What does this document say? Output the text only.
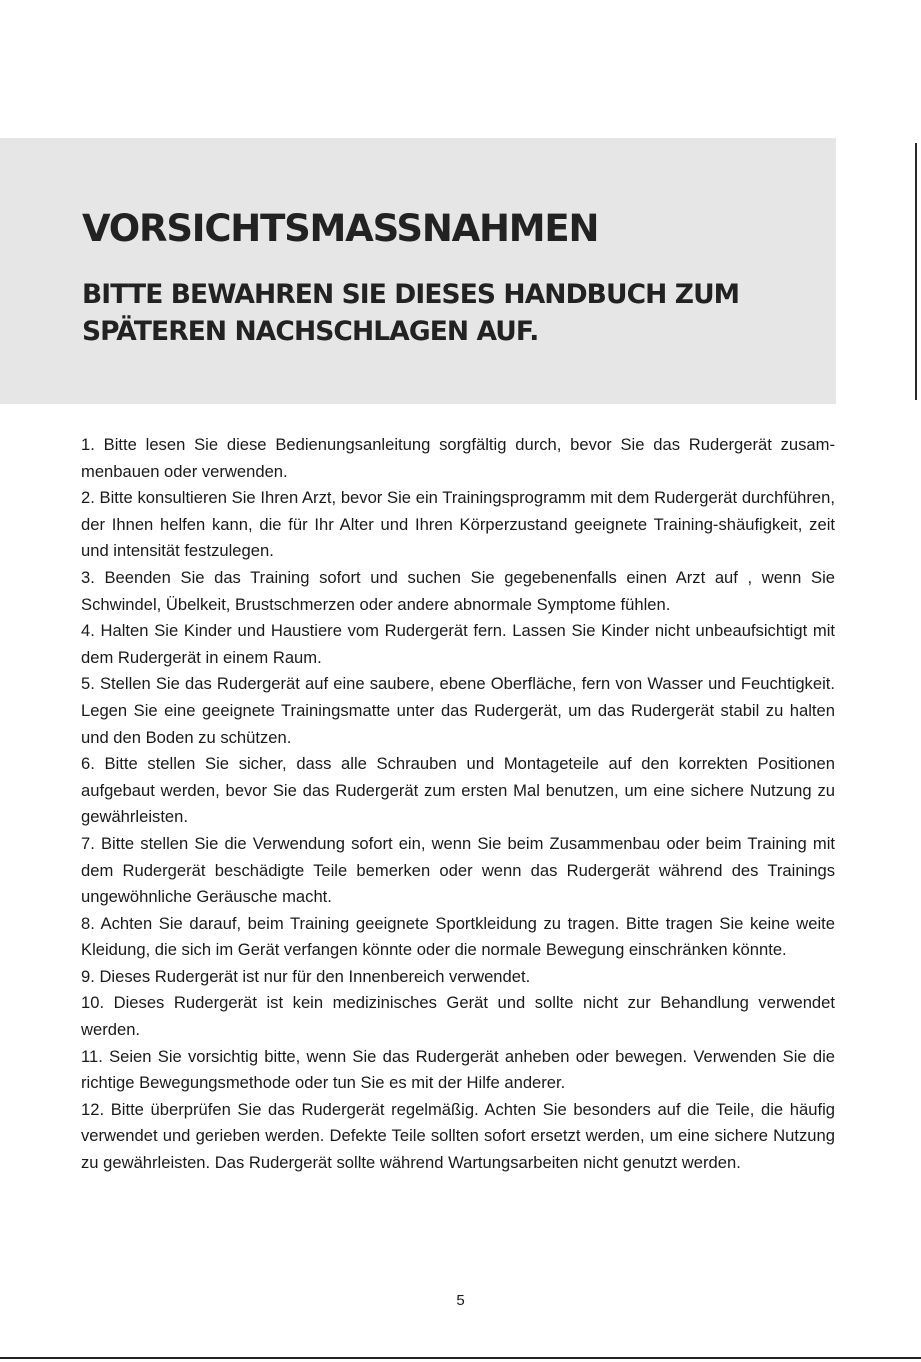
VORSICHTSMASSNAHMEN
BITTE BEWAHREN SIE DIESES HANDBUCH ZUM SPÄTEREN NACHSCHLAGEN AUF.
1. Bitte lesen Sie diese Bedienungsanleitung sorgfältig durch, bevor Sie das Rudergerät zusam-menbauen oder verwenden.
2. Bitte konsultieren Sie Ihren Arzt, bevor Sie ein Trainingsprogramm mit dem Rudergerät durchführen, der Ihnen helfen kann, die für Ihr Alter und Ihren Körperzustand geeignete Training-shäufigkeit, zeit und intensität festzulegen.
3. Beenden Sie das Training sofort und suchen Sie gegebenenfalls einen Arzt auf , wenn Sie Schwindel, Übelkeit, Brustschmerzen oder andere abnormale Symptome fühlen.
4. Halten Sie Kinder und Haustiere vom Rudergerät fern. Lassen Sie Kinder nicht unbeaufsichtigt mit dem Rudergerät in einem Raum.
5. Stellen Sie das Rudergerät auf eine saubere, ebene Oberfläche, fern von Wasser und Feuchtigkeit. Legen Sie eine geeignete Trainingsmatte unter das Rudergerät, um das Rudergerät stabil zu halten und den Boden zu schützen.
6. Bitte stellen Sie sicher, dass alle Schrauben und Montageteile auf den korrekten Positionen aufgebaut werden, bevor Sie das Rudergerät zum ersten Mal benutzen, um eine sichere Nutzung zu gewährleisten.
7. Bitte stellen Sie die Verwendung sofort ein, wenn Sie beim Zusammenbau oder beim Training mit dem Rudergerät beschädigte Teile bemerken oder wenn das Rudergerät während des Trainings ungewöhnliche Geräusche macht.
8. Achten Sie darauf, beim Training geeignete Sportkleidung zu tragen. Bitte tragen Sie keine weite Kleidung, die sich im Gerät verfangen könnte oder die normale Bewegung einschränken könnte.
9. Dieses Rudergerät ist nur für den Innenbereich verwendet.
10. Dieses Rudergerät ist kein medizinisches Gerät und sollte nicht zur Behandlung verwendet werden.
11. Seien Sie vorsichtig bitte, wenn Sie das Rudergerät anheben oder bewegen. Verwenden Sie die richtige Bewegungsmethode oder tun Sie es mit der Hilfe anderer.
12. Bitte überprüfen Sie das Rudergerät regelmäßig. Achten Sie besonders auf die Teile, die häufig verwendet und gerieben werden. Defekte Teile sollten sofort ersetzt werden, um eine sichere Nutzung zu gewährleisten. Das Rudergerät sollte während Wartungsarbeiten nicht genutzt werden.
5
